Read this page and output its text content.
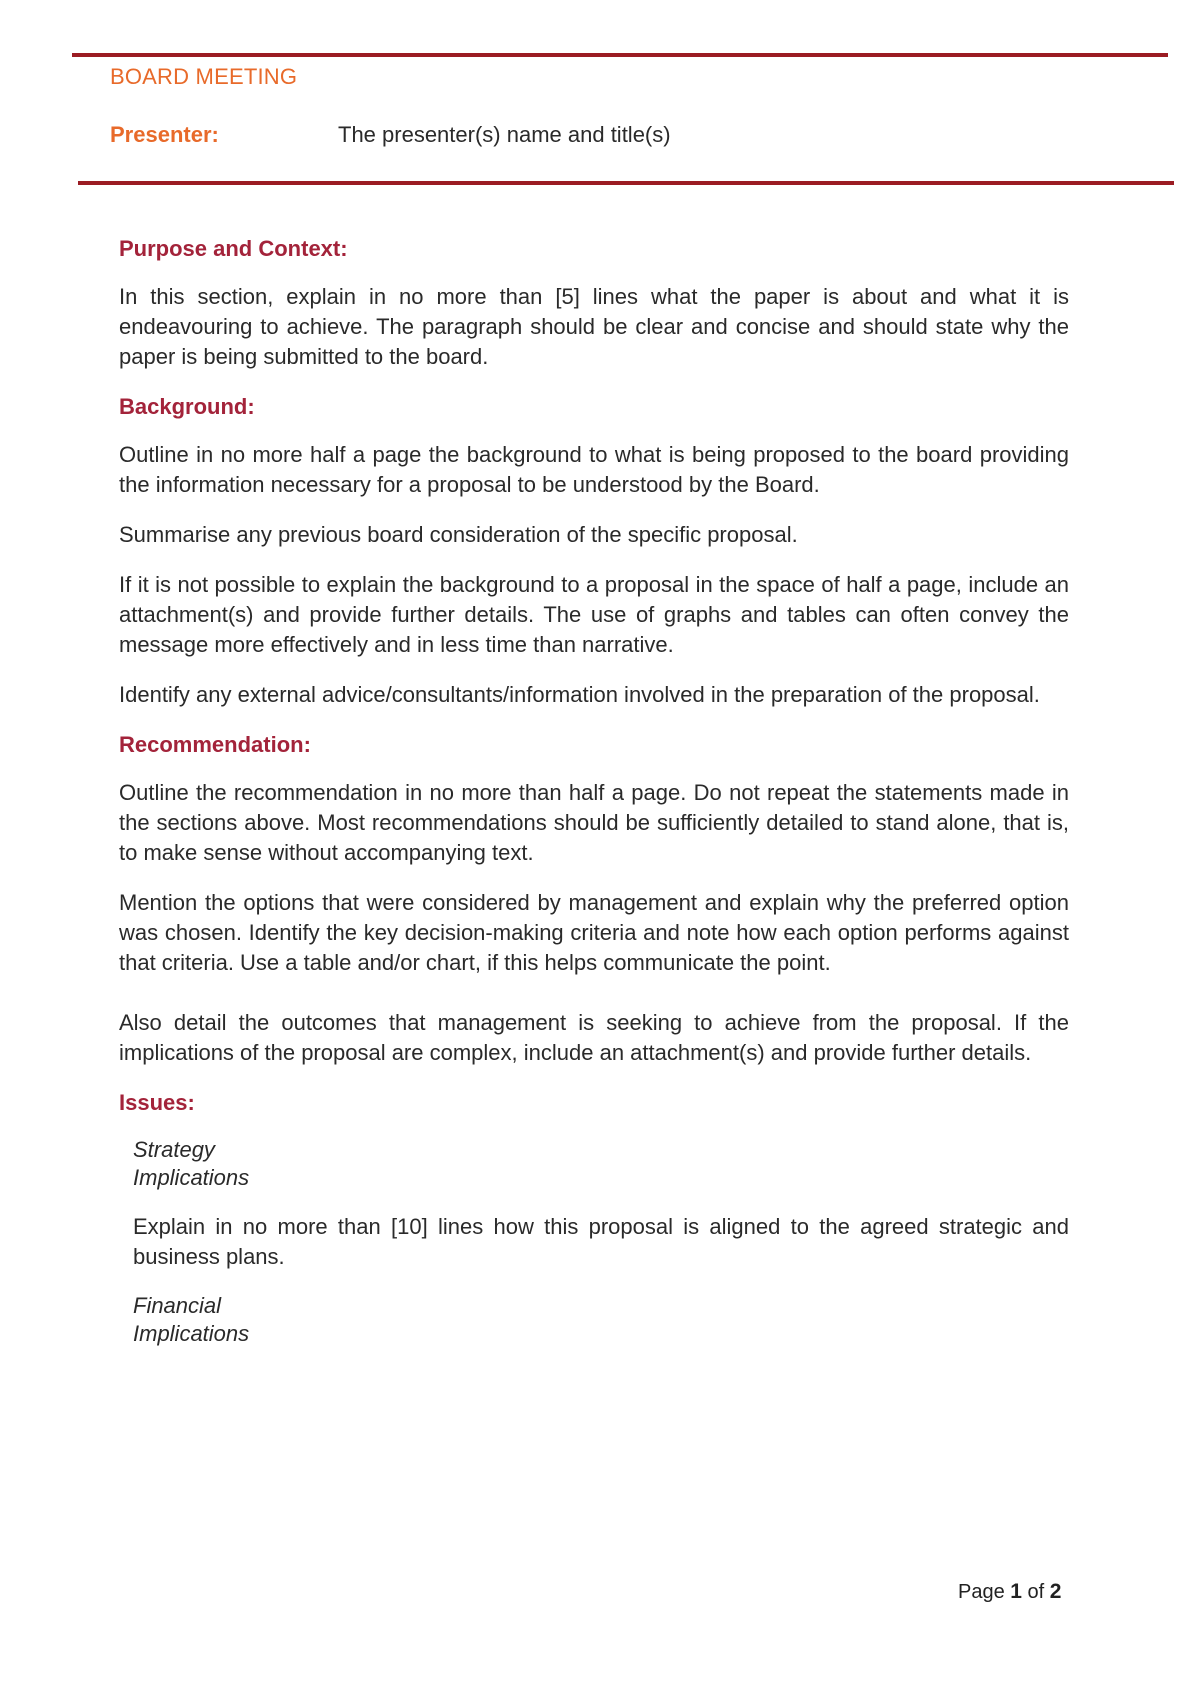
BOARD MEETING
Presenter:	The presenter(s) name and title(s)
Purpose and Context:

In this section, explain in no more than [5] lines what the paper is about and what it is endeavouring to achieve. The paragraph should be clear and concise and should state why the paper is being submitted to the board.

Background:

Outline in no more half a page the background to what is being proposed to the board providing the information necessary for a proposal to be understood by the Board.

Summarise any previous board consideration of the specific proposal.

If it is not possible to explain the background to a proposal in the space of half a page, include an attachment(s) and provide further details. The use of graphs and tables can often convey the message more effectively and in less time than narrative.

Identify any external advice/consultants/information involved in the preparation of the proposal.

Recommendation:

Outline the recommendation in no more than half a page. Do not repeat the statements made in the sections above. Most recommendations should be sufficiently detailed to stand alone, that is, to make sense without accompanying text.

Mention the options that were considered by management and explain why the preferred option was chosen. Identify the key decision-making criteria and note how each option performs against that criteria. Use a table and/or chart, if this helps communicate the point.

Also detail the outcomes that management is seeking to achieve from the proposal. If the implications of the proposal are complex, include an attachment(s) and provide further details.

Issues:
Strategy Implications

Explain in no more than [10] lines how this proposal is aligned to the agreed strategic and business plans.

Financial Implications
Page 1 of 2
